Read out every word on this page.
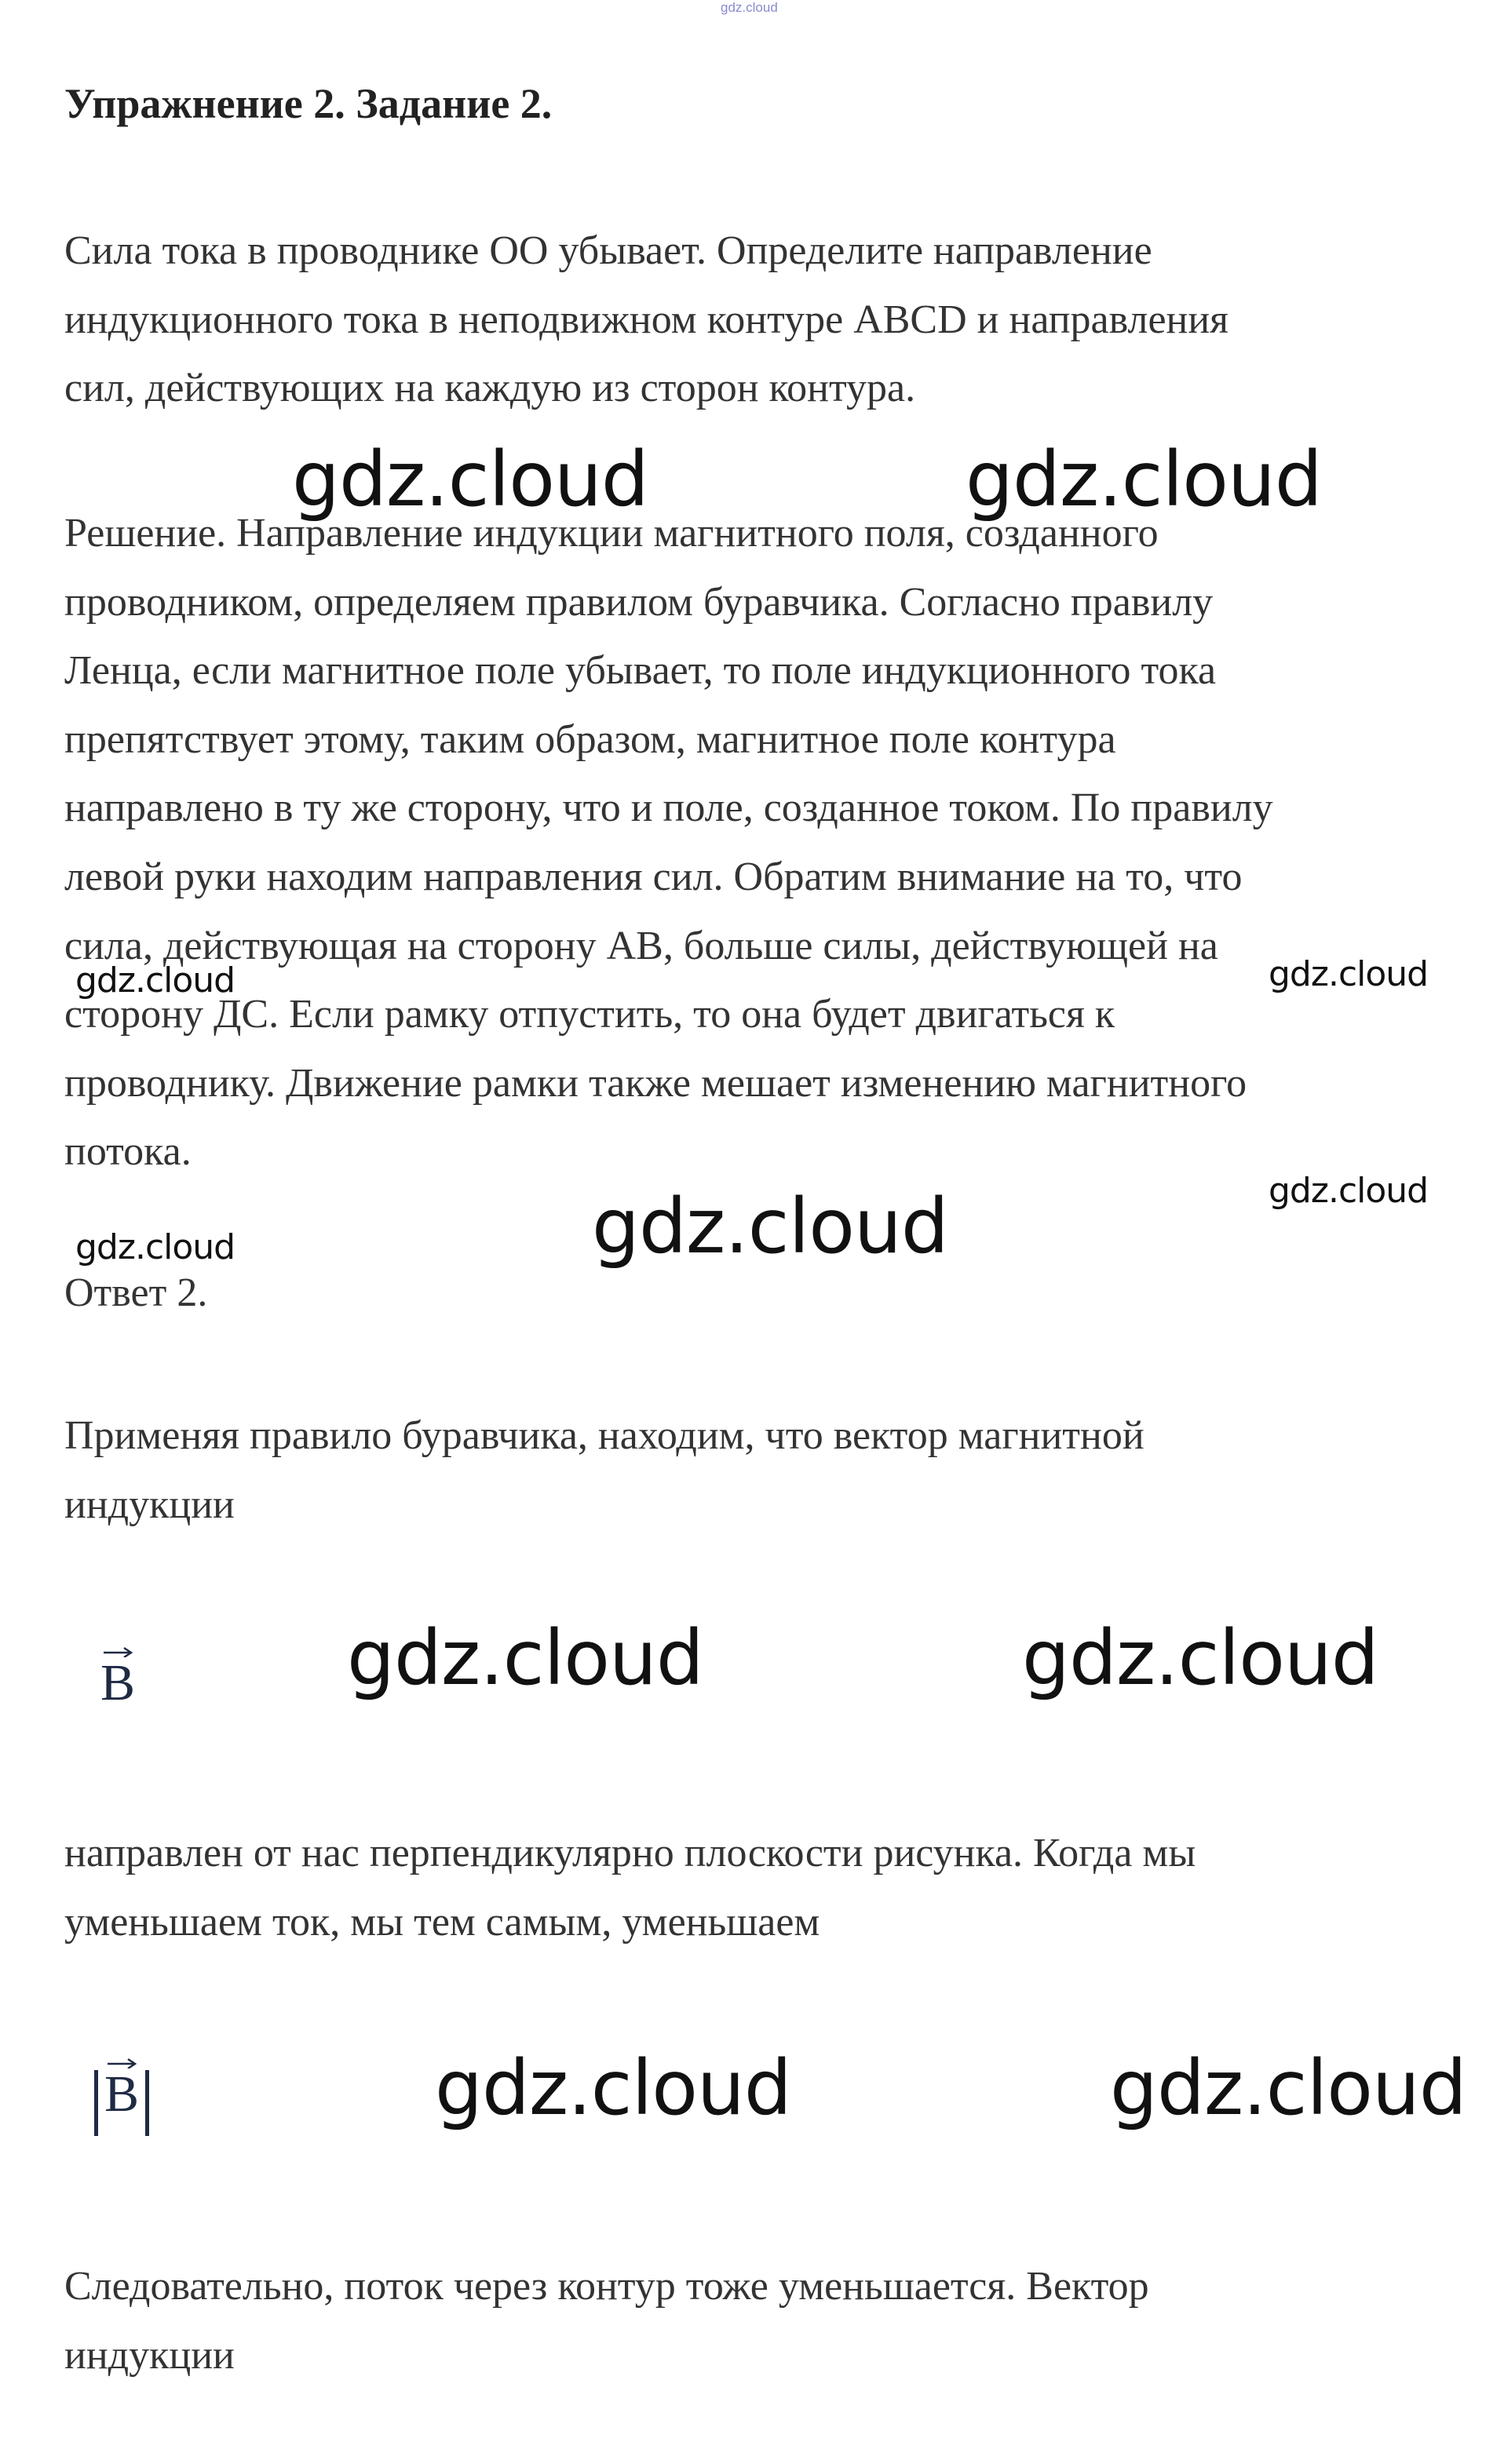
gdz.cloud
Упражнение 2. Задание 2.
Сила тока в проводнике ОО убывает. Определите направление
индукционного тока в неподвижном контуре ABCD и направления
сил, действующих на каждую из сторон контура.
Решение. Направление индукции магнитного поля, созданного
проводником, определяем правилом буравчика. Согласно правилу
Ленца, если магнитное поле убывает, то поле индукционного тока
препятствует этому, таким образом, магнитное поле контура
направлено в ту же сторону, что и поле, созданное током. По правилу
левой руки находим направления сил. Обратим внимание на то, что
сила, действующая на сторону АВ, больше силы, действующей на
сторону ДС. Если рамку отпустить, то она будет двигаться к
проводнику. Движение рамки также мешает изменению магнитного
потока.
Ответ 2.
Применяя правило буравчика, находим, что вектор магнитной
индукции
B
направлен от нас перпендикулярно плоскости рисунка. Когда мы
уменьшаем ток, мы тем самым, уменьшаем
B
Следовательно, поток через контур тоже уменьшается. Вектор
индукции
gdz.cloud	gdz.cloud
gdz.cloud	gdz.cloud
gdz.cloud
gdz.cloud
gdz.cloud
gdz.cloud	gdz.cloud
gdz.cloud	gdz.cloud
